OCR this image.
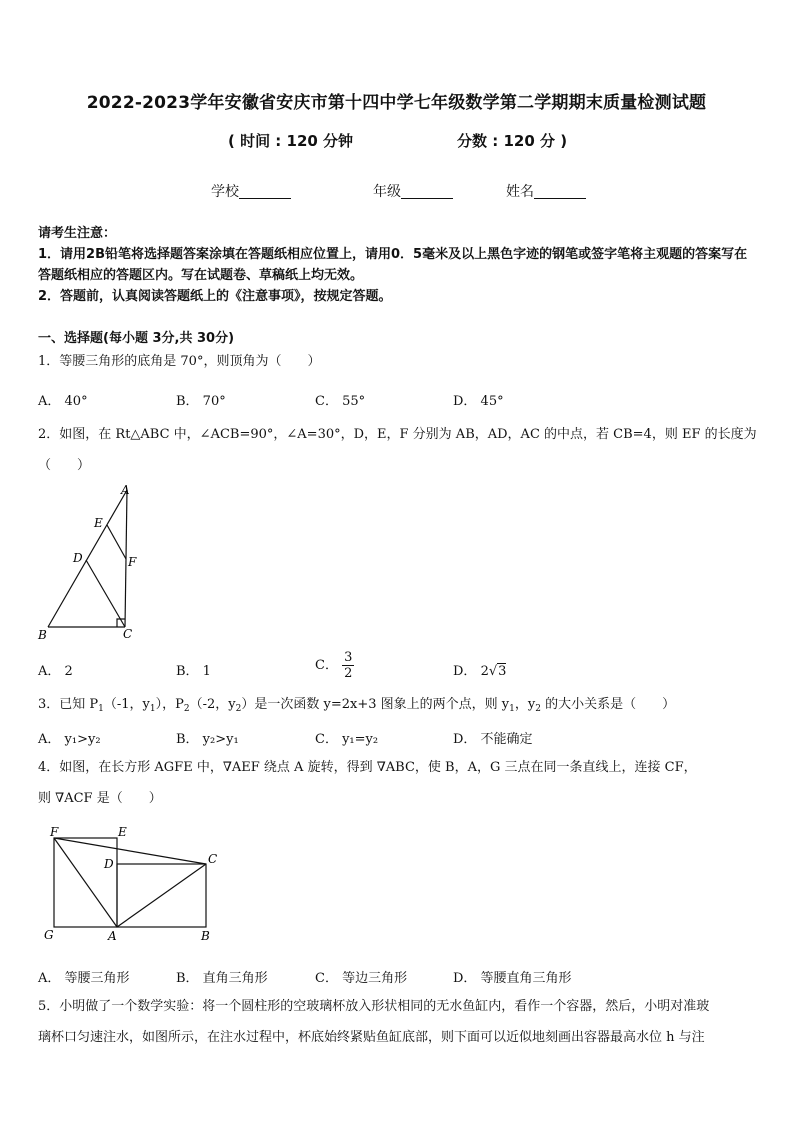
2022-2023学年安徽省安庆市第十四中学七年级数学第二学期期末质量检测试题
( 时间 : 120 分钟	分数 : 120 分 )
学校	年级	姓名
请考生注意：
1．请用2B铅笔将选择题答案涂填在答题纸相应位置上，请用0．5毫米及以上黑色字迹的钢笔或签字笔将主观题的答案写在答题纸相应的答题区内。写在试题卷、草稿纸上均无效。
2．答题前，认真阅读答题纸上的《注意事项》，按规定答题。
一、选择题(每小题 3分,共 30分)
1．等腰三角形的底角是 70°，则顶角为（　　）
A． 40°	B． 70°	C． 55°	D． 45°
2．如图，在 Rt△ABC 中，∠ACB=90°，∠A=30°，D，E，F 分别为 AB，AD，AC 的中点，若 CB=4，则 EF 的长度为（　　）
A
E
D	F
B	C
A． 2	B． 1	C． $\frac{3}{2}$	D． 2√3
3．已知 $P_1(-1$，$y_1$），$P_2(-2$，$y_2$）是一次函数 y=2x+3 图象上的两个点，则 $y_1$，$y_2$ 的大小关系是（　　）
A． y₁>y₂	B． y₂>y₁	C． y₁=y₂	D． 不能确定
4．如图，在长方形 AGFE 中，∇AEF 绕点 A 旋转，得到 ∇ABC，使 B，A，G 三点在同一条直线上，连接 CF，
则 ∇ACF 是（　　）
F	E
D	C
G	A	B
A． 等腰三角形	B． 直角三角形	C． 等边三角形	D． 等腰直角三角形
5．小明做了一个数学实验：将一个圆柱形的空玻璃杯放入形状相同的无水鱼缸内，看作一个容器，然后，小明对准玻
璃杯口匀速注水，如图所示，在注水过程中，杯底始终紧贴鱼缸底部，则下面可以近似地刻画出容器最高水位 h 与注
